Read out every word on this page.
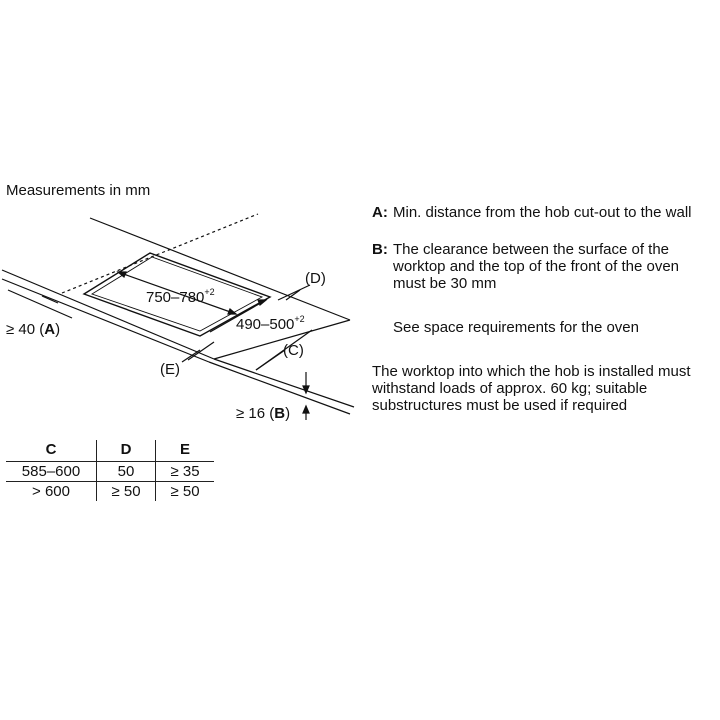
Measurements in mm
(D)
$750-780^{+2}$
$490-500^{+2}$
≥ 40 (A)
(C)
(E)
≥ 16 (B)
C	D	E
585–600	50	≥ 35
> 600	≥ 50	≥ 50

A: Min. distance from the hob cut-out to the wall

B: The clearance between the surface of the worktop and the top of the front of the oven must be 30 mm

See space requirements for the oven

The worktop into which the hob is installed must withstand loads of approx. 60 kg; suitable substructures must be used if required
